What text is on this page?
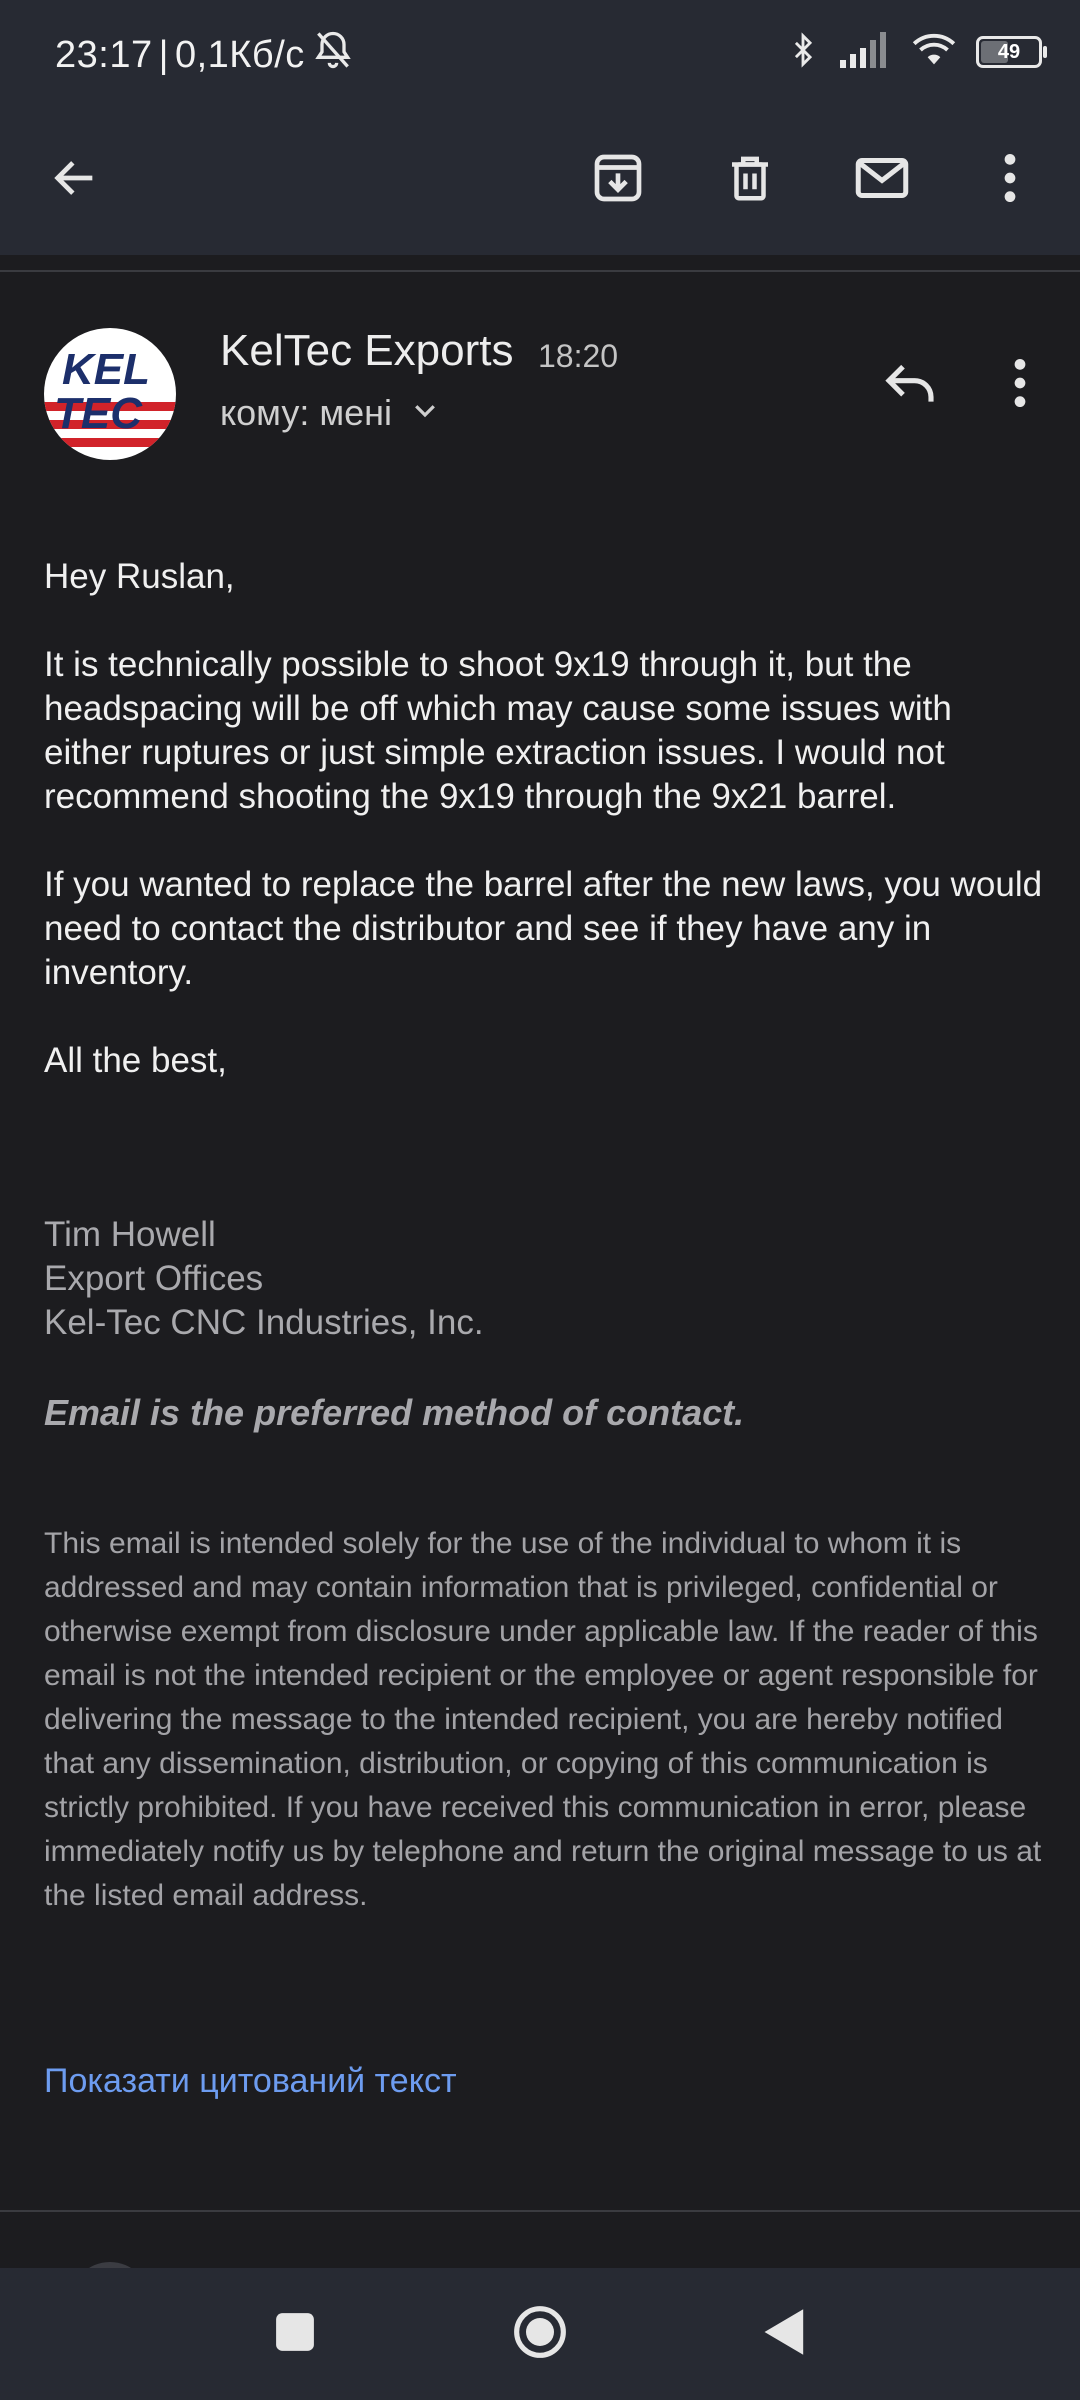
23:17 | 0,1Кб/с	49
KEL
TEC
KelTec Exports 18:20
кому: мені

Hey Ruslan,

It is technically possible to shoot 9x19 through it, but the headspacing will be off which may cause some issues with either ruptures or just simple extraction issues. I would not recommend shooting the 9x19 through the 9x21 barrel.

If you wanted to replace the barrel after the new laws, you would need to contact the distributor and see if they have any in inventory.

All the best,

Tim Howell
Export Offices
Kel-Tec CNC Industries, Inc.
Email is the preferred method of contact.
This email is intended solely for the use of the individual to whom it is addressed and may contain information that is privileged, confidential or otherwise exempt from disclosure under applicable law. If the reader of this email is not the intended recipient or the employee or agent responsible for delivering the message to the intended recipient, you are hereby notified that any dissemination, distribution, or copying of this communication is strictly prohibited. If you have received this communication in error, please immediately notify us by telephone and return the original message to us at the listed email address.
Показати цитований текст
